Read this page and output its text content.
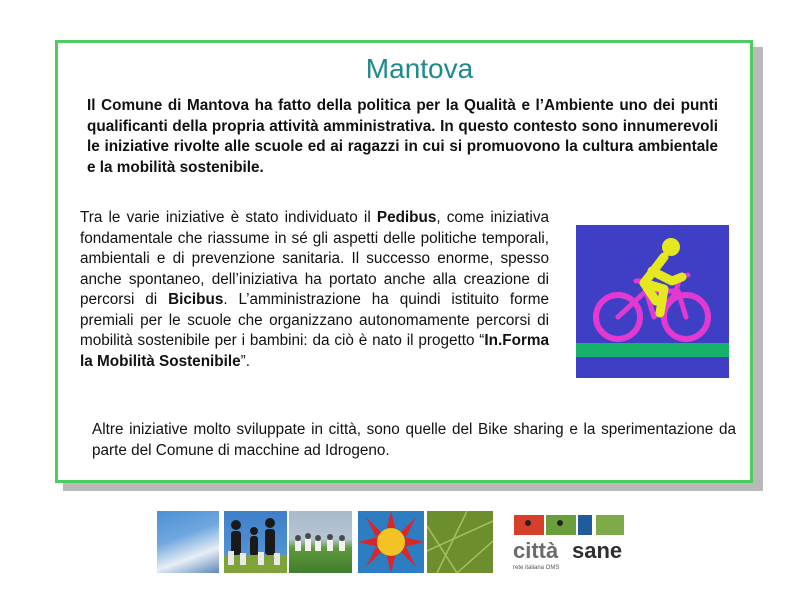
Mantova
Il Comune di Mantova ha fatto della politica per la Qualità e l’Ambiente uno dei punti qualificanti della propria attività amministrativa. In questo contesto sono innumerevoli le iniziative rivolte alle scuole ed ai ragazzi in cui si promuovono la cultura ambientale e la mobilità sostenibile.
Tra le varie iniziative è stato individuato il Pedibus, come iniziativa fondamentale che riassume in sé gli aspetti delle politiche temporali, ambientali e di prevenzione sanitaria. Il successo enorme, spesso anche spontaneo, dell’iniziativa ha portato anche alla creazione di percorsi di Bicibus. L’amministrazione ha quindi istituito forme premiali per le scuole che organizzano autonomamente percorsi di mobilità sostenibile per i bambini: da ciò è nato il progetto “In.Forma la Mobilità Sostenibile”.
Altre iniziative molto sviluppate in città, sono quelle del Bike sharing e la sperimentazione da parte del Comune di macchine ad Idrogeno.
città sane
rete italiana OMS
